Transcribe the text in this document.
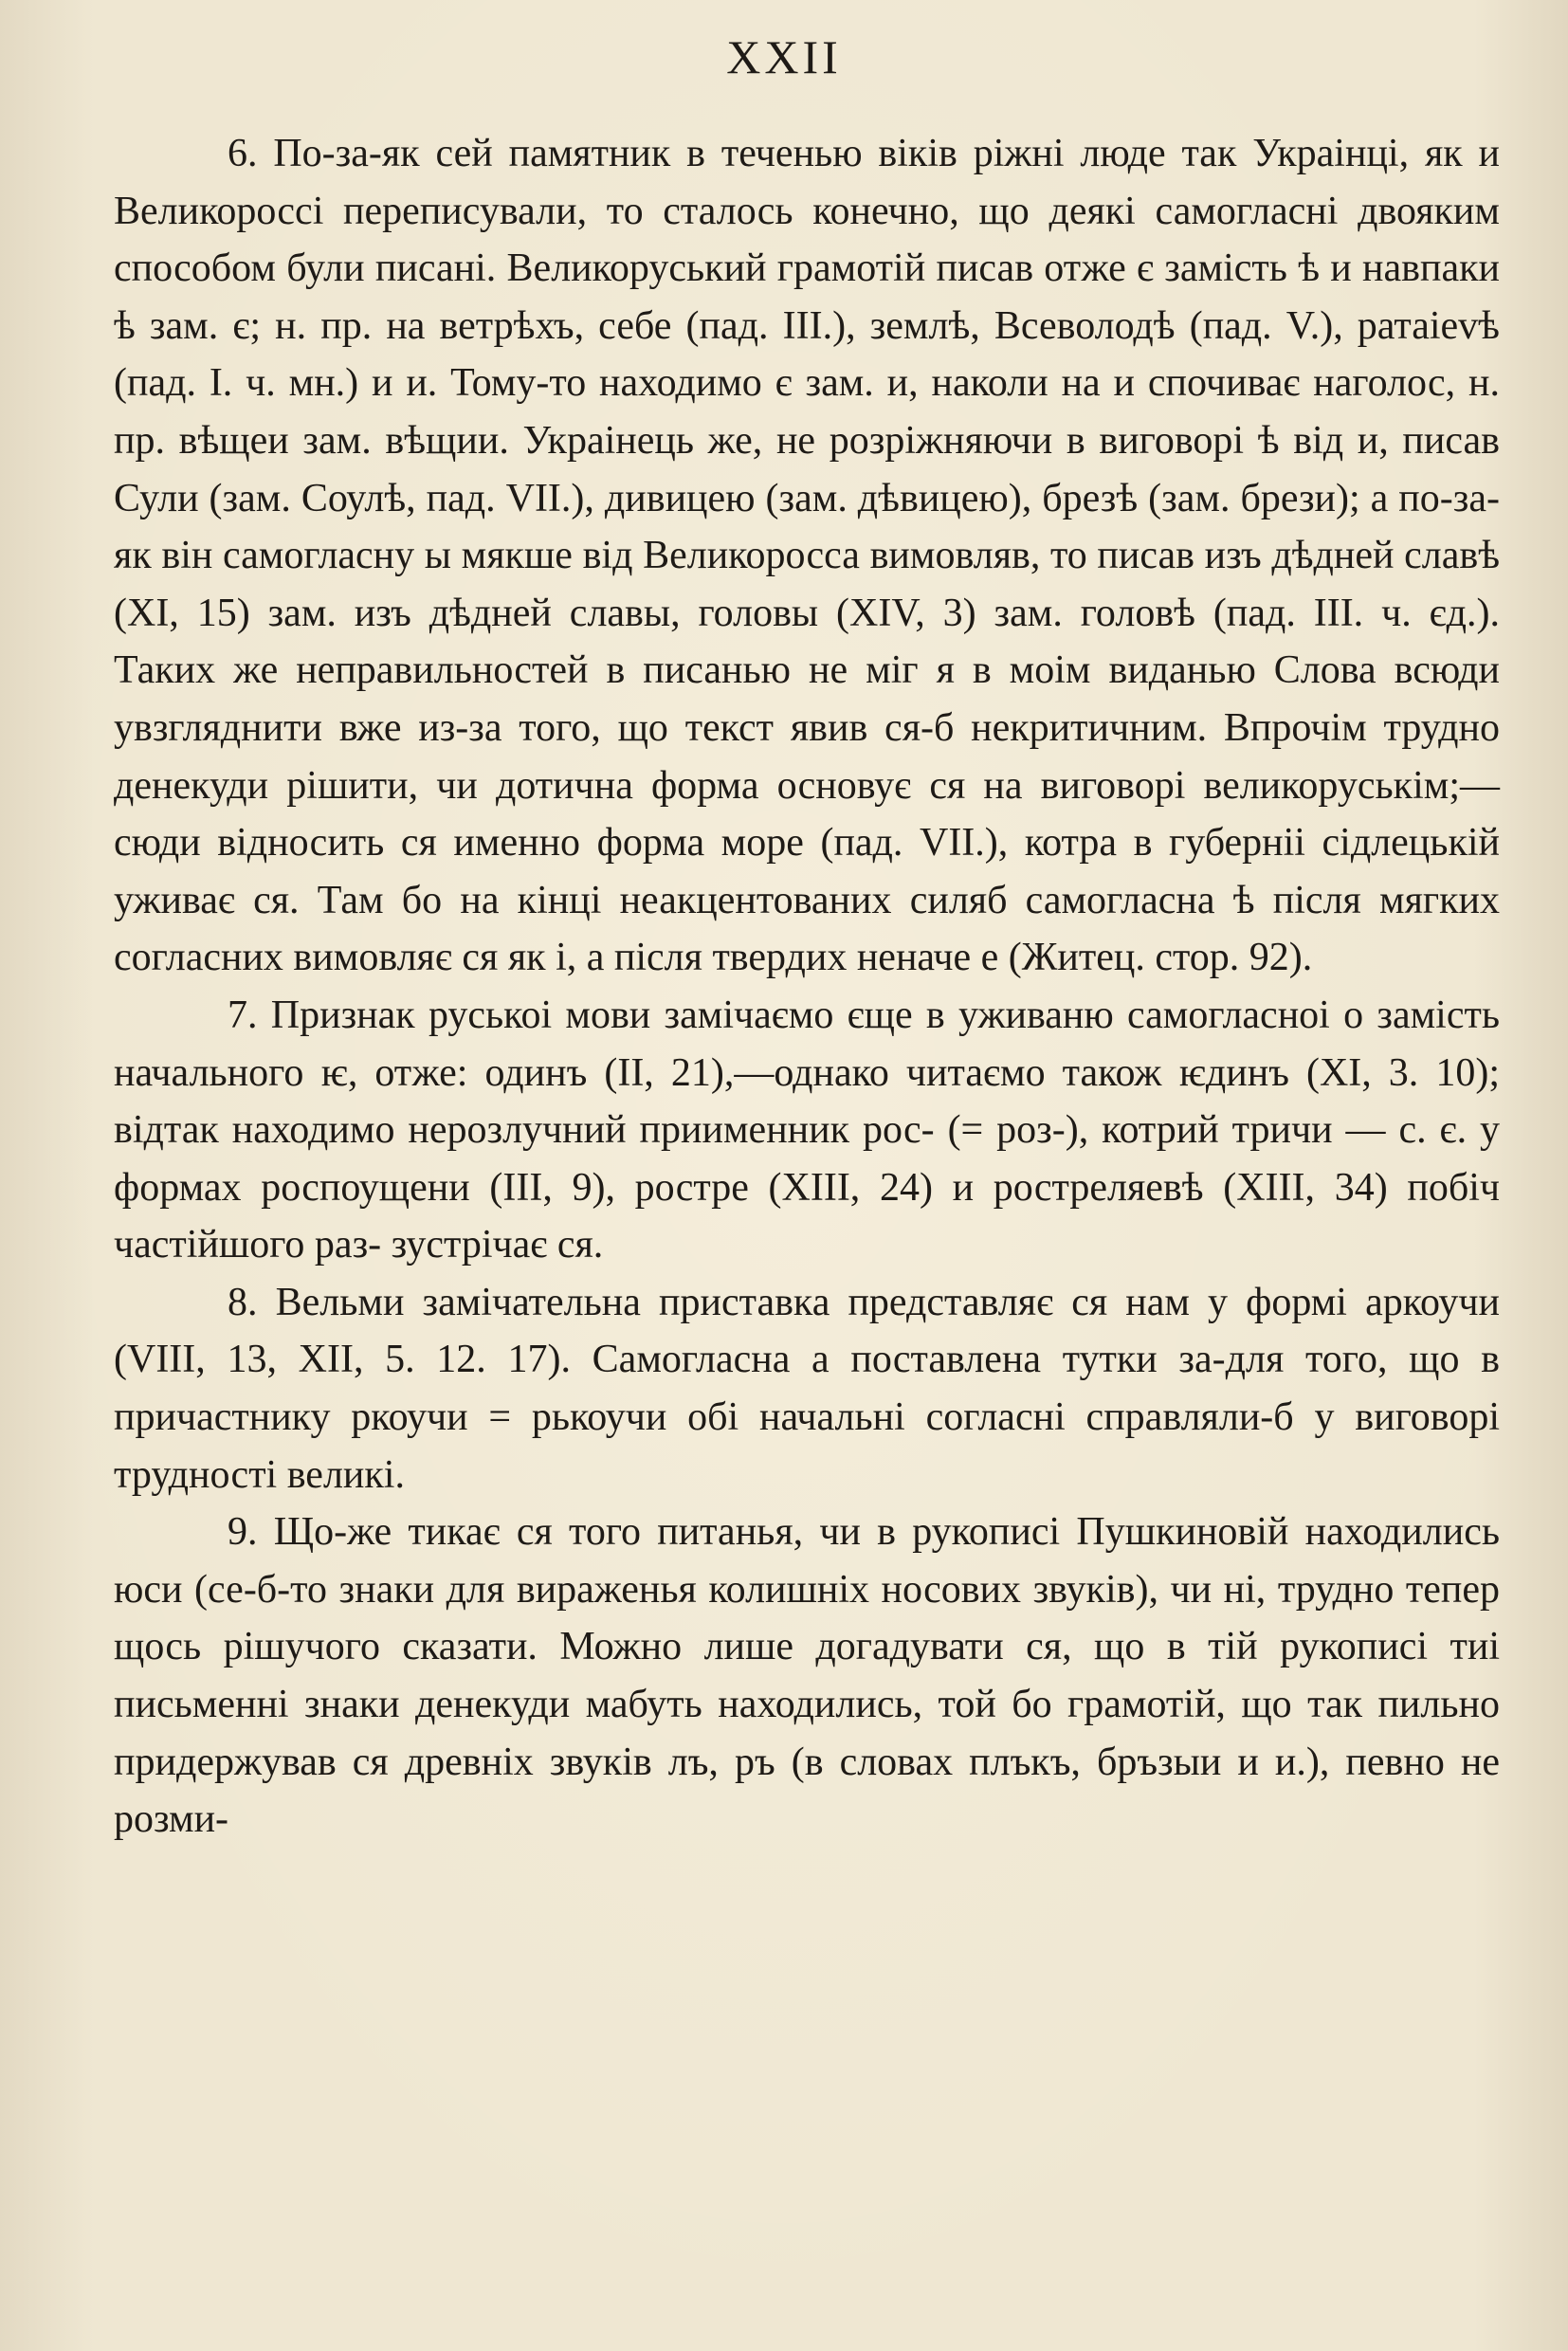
XXII

6. По-за-як сей памятник в теченью віків ріжні люде так Украінці, як и Великороссі переписували, то сталось конечно, що деякі самогласні двояким способом були писані. Великоруський грамотій писав отже є замість ѣ и навпаки ѣ зам. є; н. пр. на ветрѣхъ, себе (пад. III.), землѣ, Всеволодѣ (пад. V.), ратаievѣ (пад. I. ч. мн.) и и. Тому-то находимо є зам. и, наколи на и спочиває наголос, н. пр. вѣщеи зам. вѣщии. Украінець же, не розріжняючи в виговорі ѣ від и, писав Сули (зам. Соулѣ, пад. VII.), дивицею (зам. дѣвицею), брезѣ (зам. брези); а по-за-як він самогласну ы мякше від Великоросса вимовляв, то писав изъ дѣдней славѣ (XI, 15) зам. изъ дѣдней славы, головы (XIV, 3) зам. головѣ (пад. III. ч. єд.). Таких же неправильностей в писанью не міг я в моім виданью Слова всюди увзгляднити вже из-за того, що текст явив ся-б некритичним. Впрочім трудно денекуди рішити, чи дотична форма основує ся на виговорі великоруськім;—сюди відносить ся именно форма море (пад. VII.), котра в губерніі сідлецькій уживає ся. Там бо на кінці неакцентованих силяб самогласна ѣ після мягких согласних вимовляє ся як і, а після твердих неначе е (Житец. стор. 92).

7. Признак руськоі мови замічаємо єще в уживаню самогласноі о замість начального ѥ, отже: одинъ (II, 21),—однако читаємо також ѥдинъ (XI, 3. 10); відтак находимо нерозлучний приименник рос- (= роз-), котрий тричи — с. є. у формах роспоущени (III, 9), ростре (XIII, 24) и ростреляевѣ (XIII, 34) побіч частійшого раз- зустрічає ся.

8. Вельми замічательна приставка представляє ся нам у формі аркоучи (VIII, 13, XII, 5. 12. 17). Самогласна а поставлена тутки за-для того, що в причастнику ркоучи = рькоучи обі начальні согласні справляли-б у виговорі трудності великі.

9. Що-же тикає ся того питанья, чи в рукописі Пушкиновій находились юси (се-б-то знаки для вираженья колишніх носових звуків), чи ні, трудно тепер щось рішучого сказати. Можно лише догадувати ся, що в тій рукописі тиі письменні знаки денекуди мабуть находились, той бо грамотій, що так пильно придержував ся древніх звуків лъ, ръ (в словах плъкъ, бръзыи и и.), певно не розми-
